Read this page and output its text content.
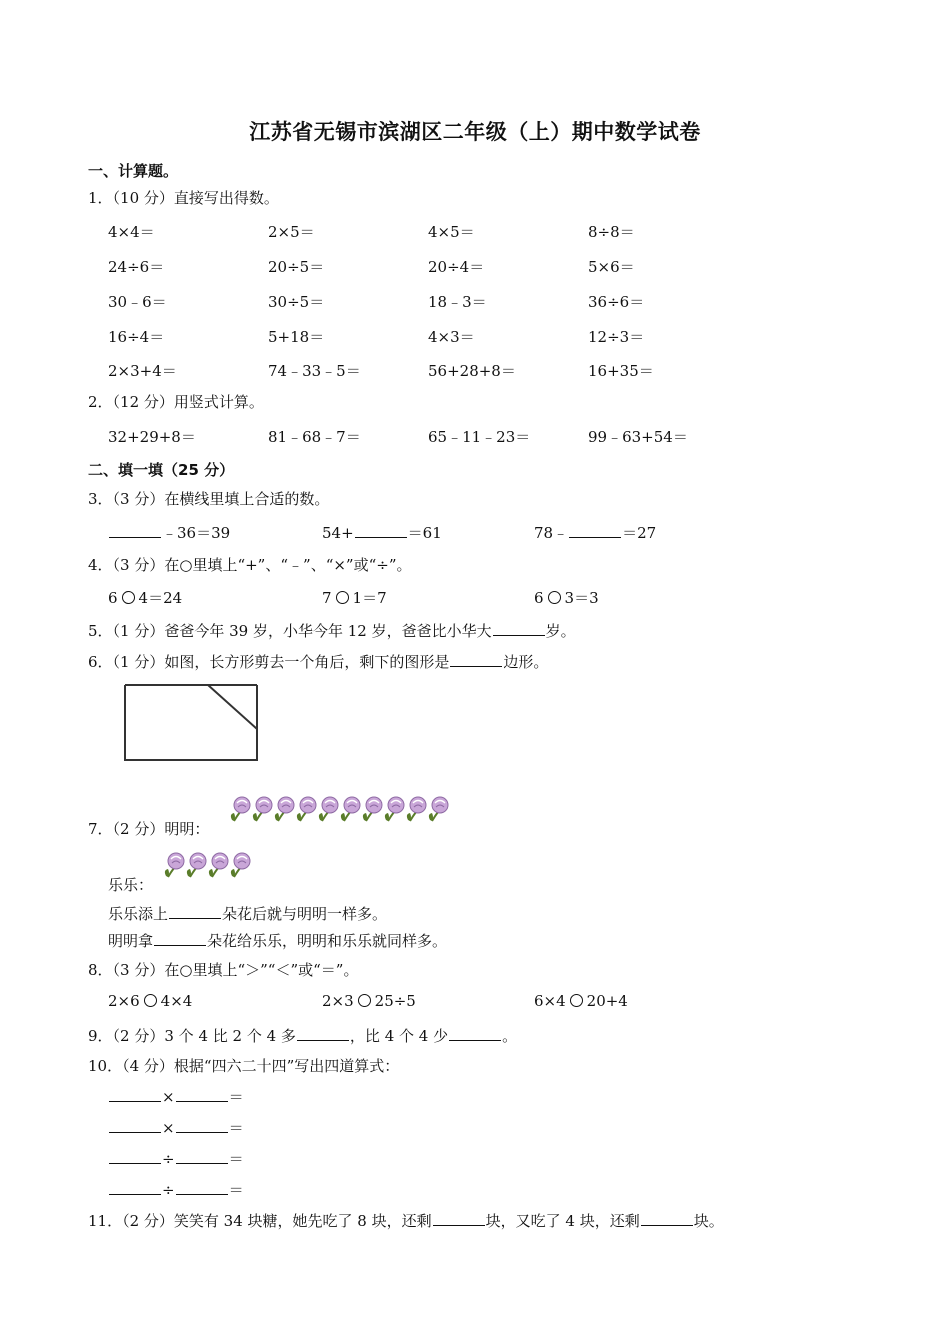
江苏省无锡市滨湖区二年级（上）期中数学试卷
一、计算题。
1．（10 分）直接写出得数。
4×4＝	2×5＝	4×5＝	8÷8＝
24÷6＝	20÷5＝	20÷4＝	5×6＝
30﹣6＝	30÷5＝	18﹣3＝	36÷6＝
16÷4＝	5+18＝	4×3＝	12÷3＝
2×3+4＝	74﹣33﹣5＝	56+28+8＝	16+35＝
2．（12 分）用竖式计算。
32+29+8＝	81﹣68﹣7＝	65﹣11﹣23＝	99﹣63+54＝
二、填一填（25 分）
3．（3 分）在横线里填上合适的数。
﹣36＝39	54+	＝61	78﹣	＝27
4．（3 分）在○里填上“+”、“﹣”、“×”或“÷”。
6 4＝24	7 1＝7	6 3＝3
5．（1 分）爸爸今年 39 岁，小华今年 12 岁，爸爸比小华大	岁。
6．（1 分）如图，长方形剪去一个角后，剩下的图形是	边形。
7．（2 分）明明：
乐乐：
乐乐添上	朵花后就与明明一样多。
明明拿	朵花给乐乐，明明和乐乐就同样多。
8．（3 分）在○里填上“＞”“＜”或“＝”。
2×6 4×4	2×3 25÷5	6×4 20+4
9．（2 分）3 个 4 比 2 个 4 多	，比 4 个 4 少	。
10．（4 分）根据“四六二十四”写出四道算式：
×	＝
×	＝
÷	＝
÷	＝
11．（2 分）笑笑有 34 块糖，她先吃了 8 块，还剩	块，又吃了 4 块，还剩	块。
